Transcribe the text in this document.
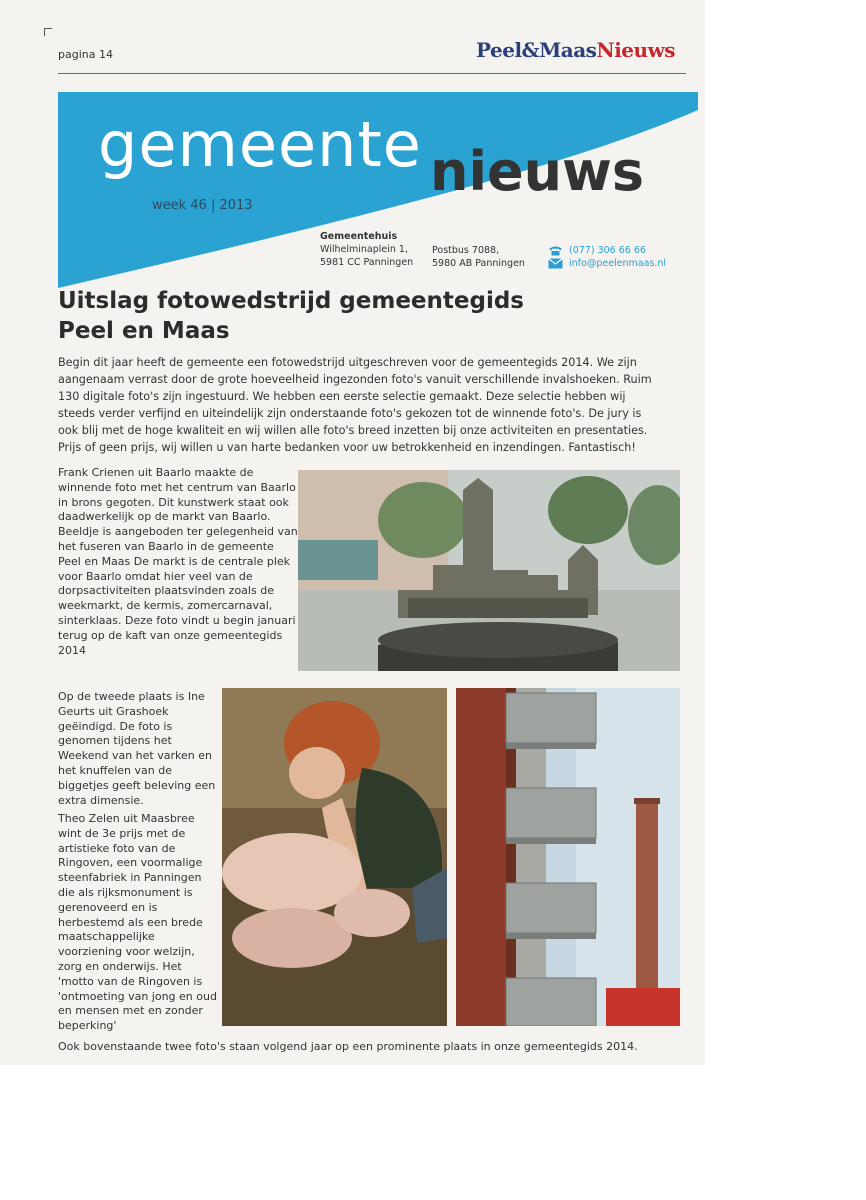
pagina 14	Peel&MaasNieuws
gemeente nieuws
week 46 | 2013
Gemeentehuis
Wilhelminaplein 1,
5981 CC Panningen
Postbus 7088,
5980 AB Panningen
(077) 306 66 66
info@peelenmaas.nl
Uitslag fotowedstrijd gemeentegids
Peel en Maas
Begin dit jaar heeft de gemeente een fotowedstrijd uitgeschreven voor de gemeentegids 2014. We zijn aangenaam verrast door de grote hoeveelheid ingezonden foto's vanuit verschillende invalshoeken. Ruim 130 digitale foto's zijn ingestuurd. We hebben een eerste selectie gemaakt. Deze selectie hebben wij steeds verder verfijnd en uiteindelijk zijn onderstaande foto's gekozen tot de winnende foto's. De jury is ook blij met de hoge kwaliteit en wij willen alle foto's breed inzetten bij onze activiteiten en presentaties. Prijs of geen prijs, wij willen u van harte bedanken voor uw betrokkenheid en inzendingen. Fantastisch!
Frank Crienen uit Baarlo maakte de winnende foto met het centrum van Baarlo in brons gegoten. Dit kunstwerk staat ook daadwerkelijk op de markt van Baarlo. Beeldje is aangeboden ter gelegenheid van het fuseren van Baarlo in de gemeente Peel en Maas De markt is de centrale plek voor Baarlo omdat hier veel van de dorpsactiviteiten plaatsvinden zoals de weekmarkt, de kermis, zomercarnaval, sinterklaas. Deze foto vindt u begin januari terug op de kaft van onze gemeentegids 2014
Op de tweede plaats is Ine Geurts uit Grashoek geëindigd. De foto is genomen tijdens het Weekend van het varken en het knuffelen van de biggetjes geeft beleving een extra dimensie.
Theo Zelen uit Maasbree wint de 3e prijs met de artistieke foto van de Ringoven, een voormalige steenfabriek in Panningen die als rijksmonument is gerenoveerd en is herbestemd als een brede maatschappelijke voorziening voor welzijn, zorg en onderwijs. Het 'motto van de Ringoven is 'ontmoeting van jong en oud en mensen met en zonder beperking'
Ook bovenstaande twee foto's staan volgend jaar op een prominente plaats in onze gemeentegids 2014.
